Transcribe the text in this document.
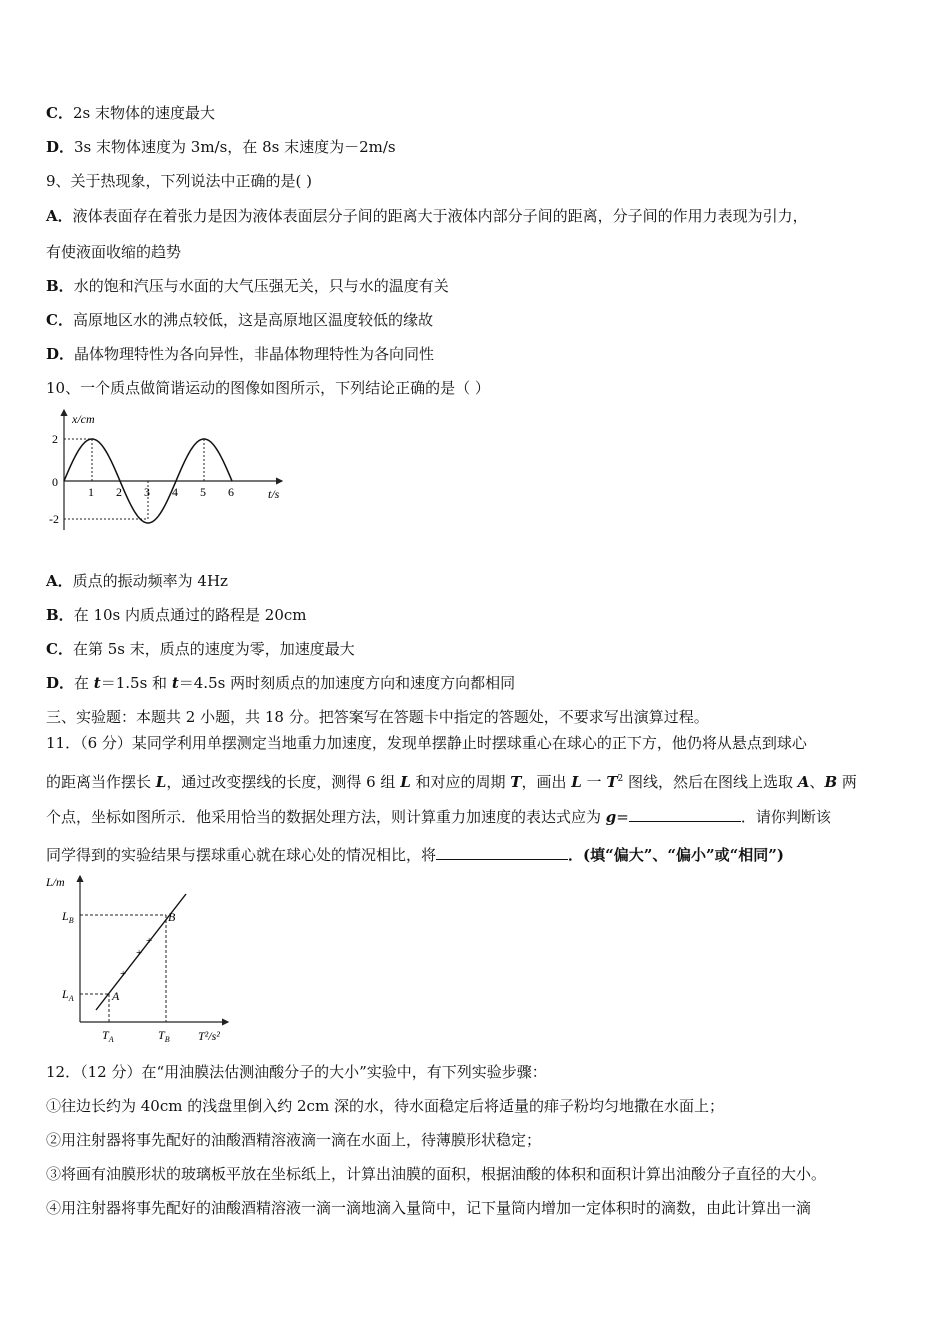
C．2s 末物体的速度最大
D．3s 末物体速度为 3m/s，在 8s 末速度为－2m/s
9、关于热现象，下列说法中正确的是( )
A．液体表面存在着张力是因为液体表面层分子间的距离大于液体内部分子间的距离，分子间的作用力表现为引力，
有使液面收缩的趋势
B．水的饱和汽压与水面的大气压强无关，只与水的温度有关
C．高原地区水的沸点较低，这是高原地区温度较低的缘故
D．晶体物理特性为各向异性，非晶体物理特性为各向同性
10、一个质点做简谐运动的图像如图所示，下列结论正确的是（ ）
x/cm
t/s
0
2
-2
1 2 3 4 5 6
A．质点的振动频率为 4Hz
B．在 10s 内质点通过的路程是 20cm
C．在第 5s 末，质点的速度为零，加速度最大
D．在 t＝1.5s 和 t＝4.5s 两时刻质点的加速度方向和速度方向都相同
三、实验题：本题共 2 小题，共 18 分。把答案写在答题卡中指定的答题处，不要求写出演算过程。
11．（6 分）某同学利用单摆测定当地重力加速度，发现单摆静止时摆球重心在球心的正下方，他仍将从悬点到球心
的距离当作摆长 L，通过改变摆线的长度，测得 6 组 L 和对应的周期 T，画出 L 一 $T^2$ 图线，然后在图线上选取 A、B 两
个点，坐标如图所示．他采用恰当的数据处理方法，则计算重力加速度的表达式应为 g=	．请你判断该
同学得到的实验结果与摆球重心就在球心处的情况相比，将	．(填“偏大”、“偏小”或“相同”)
L/m
T²/s²
+
+
+
A
B
$L_B$
$L_A$
$T_A$	$T_B$
12．（12 分）在“用油膜法估测油酸分子的大小”实验中，有下列实验步骤：
①往边长约为 40cm 的浅盘里倒入约 2cm 深的水，待水面稳定后将适量的痱子粉均匀地撒在水面上；
②用注射器将事先配好的油酸酒精溶液滴一滴在水面上，待薄膜形状稳定；
③将画有油膜形状的玻璃板平放在坐标纸上，计算出油膜的面积，根据油酸的体积和面积计算出油酸分子直径的大小。
④用注射器将事先配好的油酸酒精溶液一滴一滴地滴入量筒中，记下量筒内增加一定体积时的滴数，由此计算出一滴
